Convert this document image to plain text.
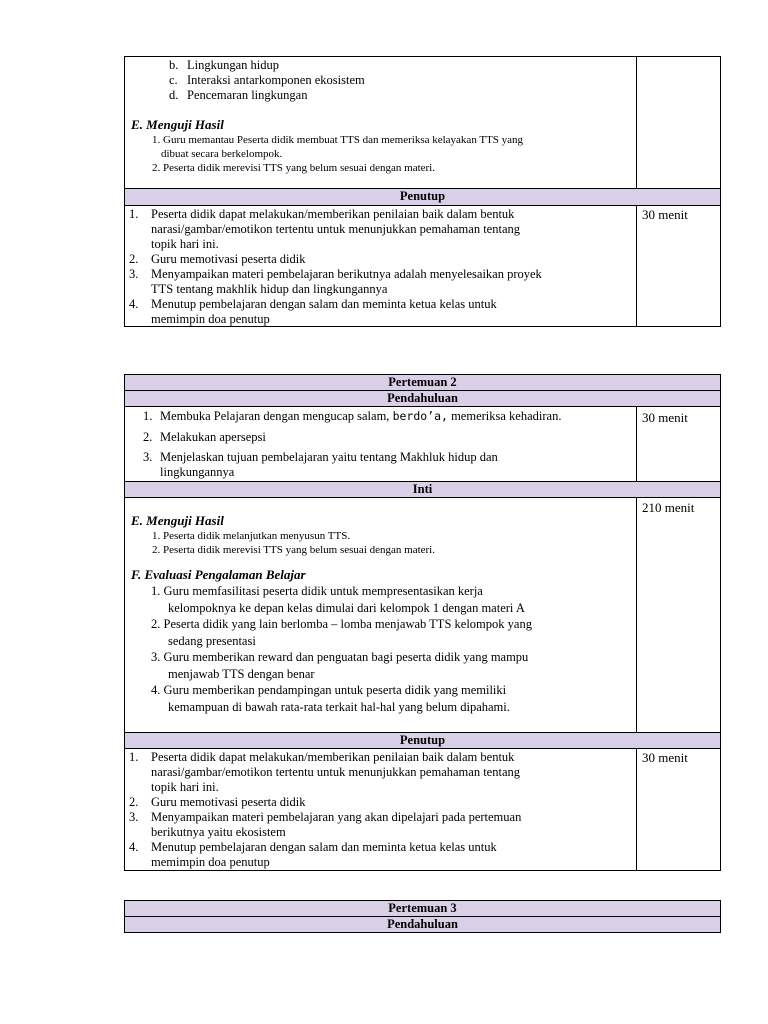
b. Lingkungan hidup
c. Interaksi antarkomponen ekosistem
d. Pencemaran lingkungan
E. Menguji Hasil
1. Guru memantau Peserta didik membuat TTS dan memeriksa kelayakan TTS yang
dibuat secara berkelompok.
2. Peserta didik merevisi TTS yang belum sesuai dengan materi.
Penutup
1. Peserta didik dapat melakukan/memberikan penilaian baik dalam bentuk
narasi/gambar/emotikon tertentu untuk menunjukkan pemahaman tentang
topik hari ini.
2. Guru memotivasi peserta didik
3. Menyampaikan materi pembelajaran berikutnya adalah menyelesaikan proyek
TTS tentang makhlik hidup dan lingkungannya
4. Menutup pembelajaran dengan salam dan meminta ketua kelas untuk
memimpin doa penutup
30 menit
Pertemuan 2
Pendahuluan
1. Membuka Pelajaran dengan mengucap salam, berdo’a, memeriksa kehadiran.
2. Melakukan apersepsi
3. Menjelaskan tujuan pembelajaran yaitu tentang Makhluk hidup dan
lingkungannya
30 menit
Inti
E. Menguji Hasil
1. Peserta didik melanjutkan menyusun TTS.
2. Peserta didik merevisi TTS yang belum sesuai dengan materi.
F. Evaluasi Pengalaman Belajar
1. Guru memfasilitasi peserta didik untuk mempresentasikan kerja
kelompoknya ke depan kelas dimulai dari kelompok 1 dengan materi A
2. Peserta didik yang lain berlomba – lomba menjawab TTS kelompok yang
sedang presentasi
3. Guru memberikan reward dan penguatan bagi peserta didik yang mampu
menjawab TTS dengan benar
4. Guru memberikan pendampingan untuk peserta didik yang memiliki
kemampuan di bawah rata-rata terkait hal-hal yang belum dipahami.
210 menit
Penutup
1. Peserta didik dapat melakukan/memberikan penilaian baik dalam bentuk
narasi/gambar/emotikon tertentu untuk menunjukkan pemahaman tentang
topik hari ini.
2. Guru memotivasi peserta didik
3. Menyampaikan materi pembelajaran yang akan dipelajari pada pertemuan
berikutnya yaitu ekosistem
4. Menutup pembelajaran dengan salam dan meminta ketua kelas untuk
memimpin doa penutup
30 menit
Pertemuan 3
Pendahuluan
